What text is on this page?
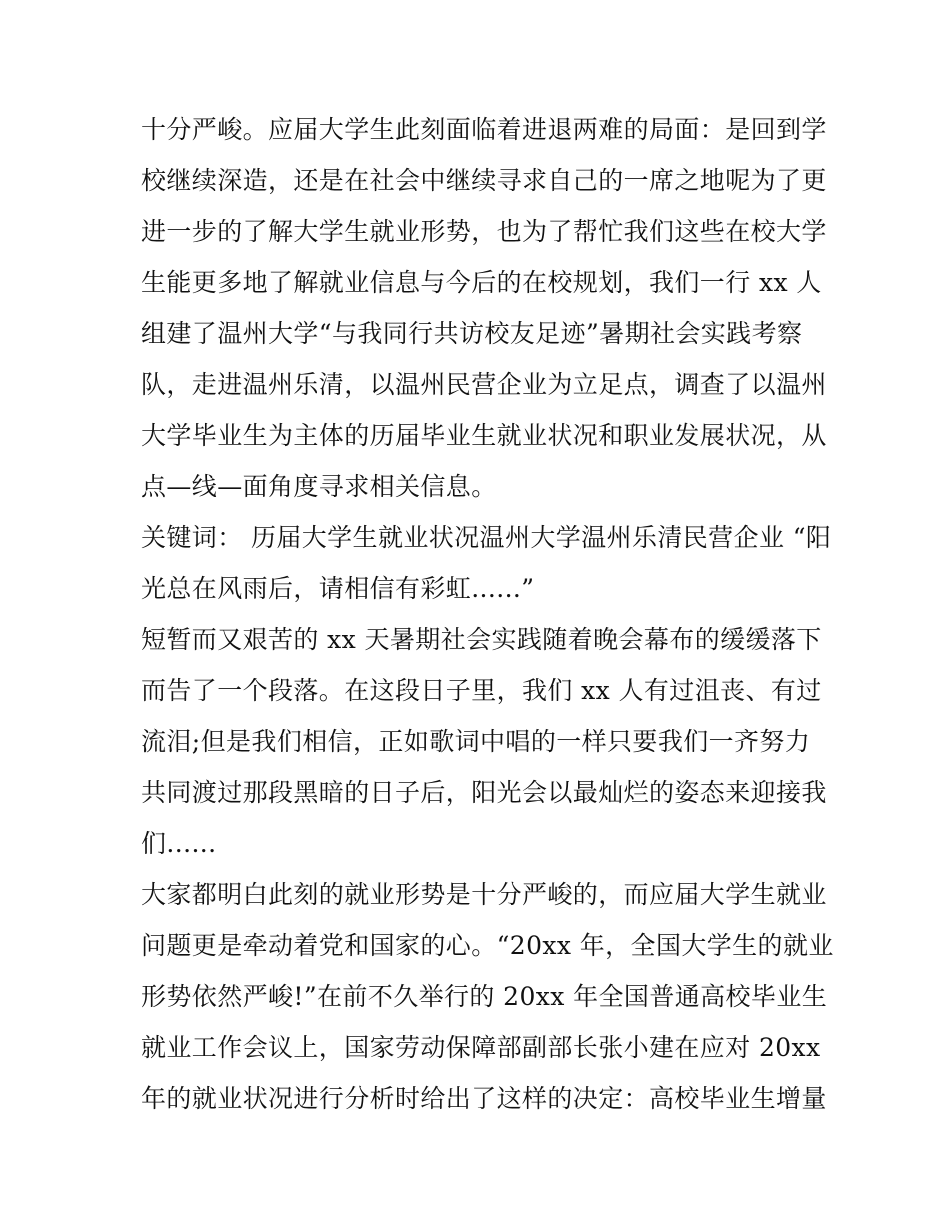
十分严峻。应届大学生此刻面临着进退两难的局面：是回到学
校继续深造，还是在社会中继续寻求自己的一席之地呢为了更
进一步的了解大学生就业形势，也为了帮忙我们这些在校大学
生能更多地了解就业信息与今后的在校规划，我们一行 xx 人
组建了温州大学“与我同行共访校友足迹”暑期社会实践考察
队，走进温州乐清，以温州民营企业为立足点，调查了以温州
大学毕业生为主体的历届毕业生就业状况和职业发展状况，从
点—线—面角度寻求相关信息。
关键词： 历届大学生就业状况温州大学温州乐清民营企业 “阳
光总在风雨后，请相信有彩虹......”
短暂而又艰苦的 xx 天暑期社会实践随着晚会幕布的缓缓落下
而告了一个段落。在这段日子里，我们 xx 人有过沮丧、有过
流泪;但是我们相信，正如歌词中唱的一样只要我们一齐努力
共同渡过那段黑暗的日子后，阳光会以最灿烂的姿态来迎接我
们......
大家都明白此刻的就业形势是十分严峻的，而应届大学生就业
问题更是牵动着党和国家的心。“20xx 年，全国大学生的就业
形势依然严峻!”在前不久举行的 20xx 年全国普通高校毕业生
就业工作会议上，国家劳动保障部副部长张小建在应对 20xx
年的就业状况进行分析时给出了这样的决定：高校毕业生增量
